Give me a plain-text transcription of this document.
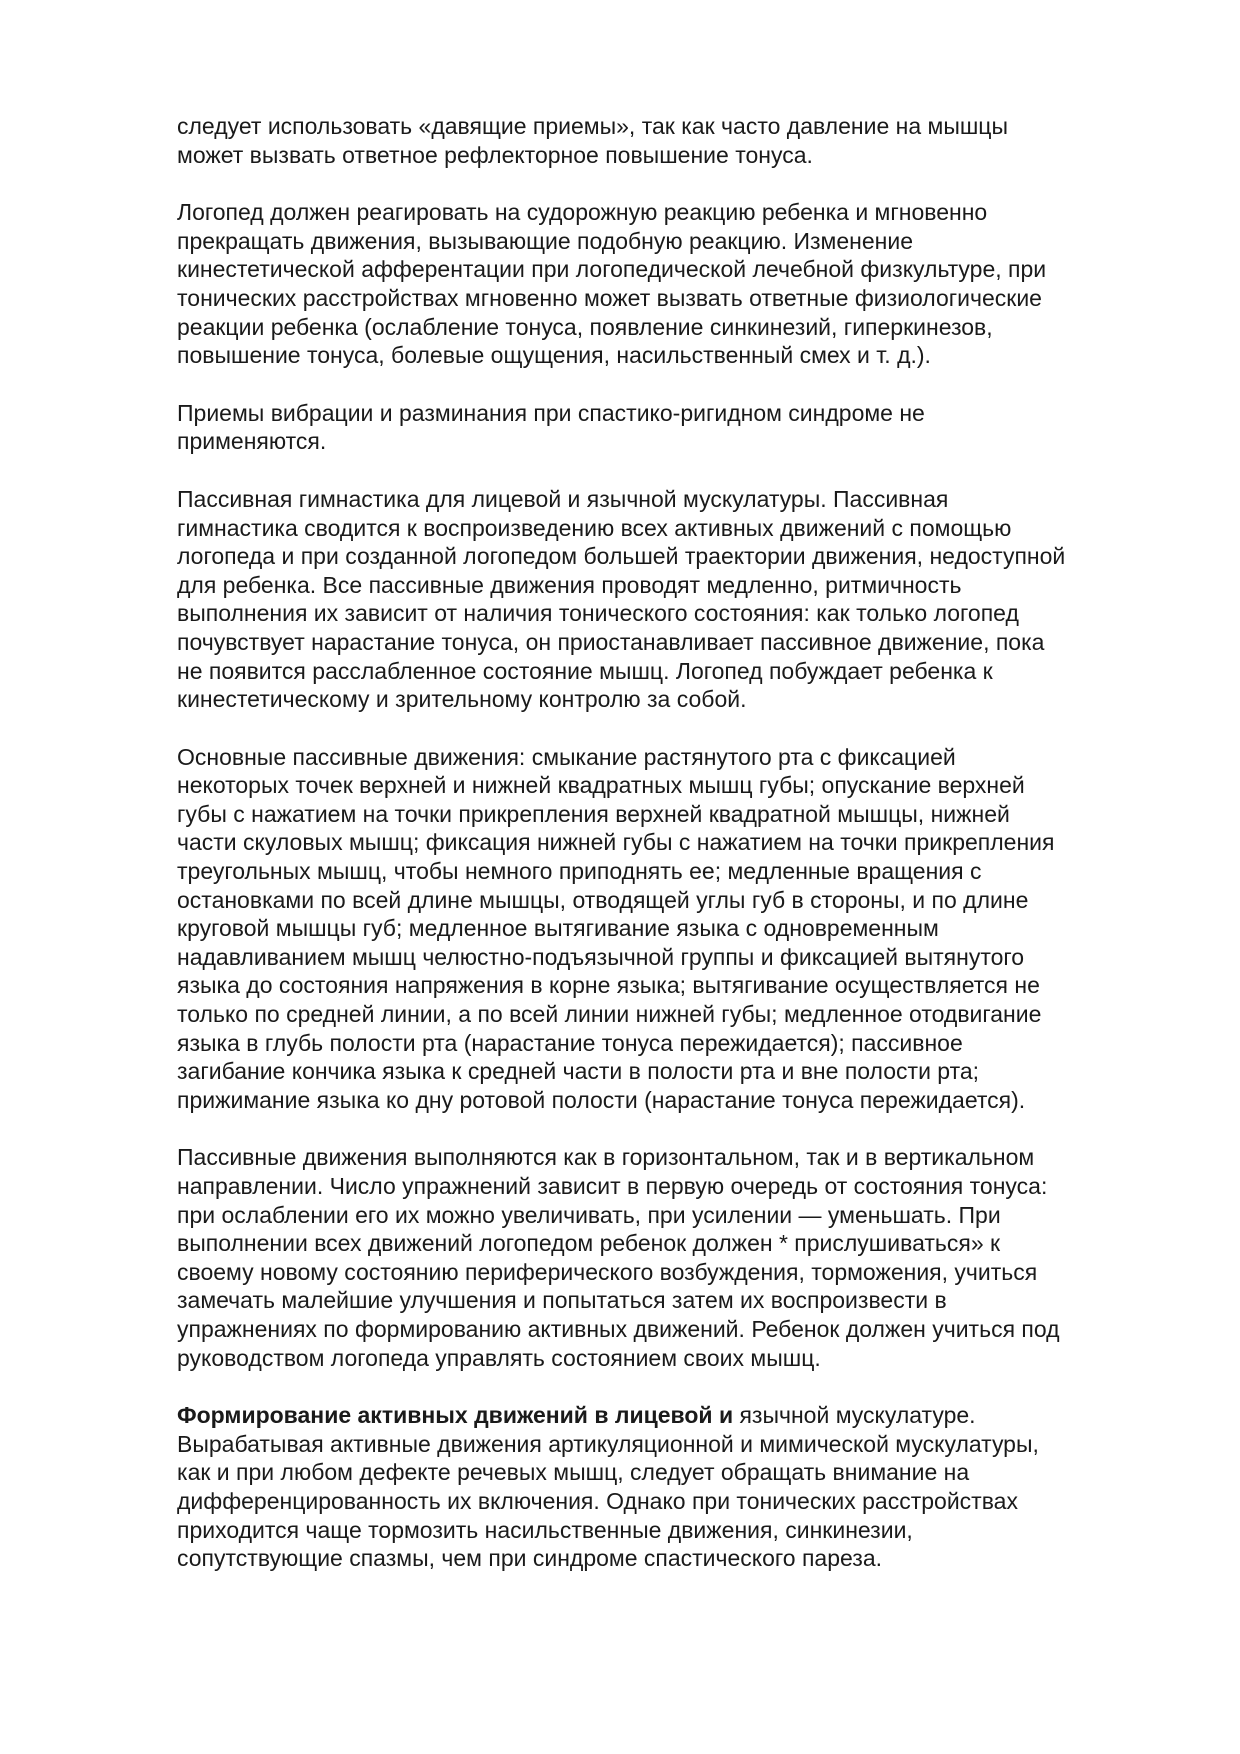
следует использовать «давящие приемы», так как часто давление на мышцы
может вызвать ответное рефлекторное повышение тонуса.

Логопед должен реагировать на судорожную реакцию ребенка и мгновенно
прекращать движения, вызывающие подобную реакцию. Изменение
кинестетической афферентации при логопедической лечебной физкультуре, при
тонических расстройствах мгновенно может вызвать ответные физиологические
реакции ребенка (ослабление тонуса, появление синкинезий, гиперкинезов,
повышение тонуса, болевые ощущения, насильственный смех и т. д.).

Приемы вибрации и разминания при спастико-ригидном синдроме не
применяются.

Пассивная гимнастика для лицевой и язычной мускулатуры. Пассивная
гимнастика сводится к воспроизведению всех активных движений с помощью
логопеда и при созданной логопедом большей траектории движения, недоступной
для ребенка. Все пассивные движения проводят медленно, ритмичность
выполнения их зависит от наличия тонического состояния: как только логопед
почувствует нарастание тонуса, он приостанавливает пассивное движение, пока
не появится расслабленное состояние мышц. Логопед побуждает ребенка к
кинестетическому и зрительному контролю за собой.

Основные пассивные движения: смыкание растянутого рта с фиксацией
некоторых точек верхней и нижней квадратных мышц губы; опускание верхней
губы с нажатием на точки прикрепления верхней квадратной мышцы, нижней
части скуловых мышц; фиксация нижней губы с нажатием на точки прикрепления
треугольных мышц, чтобы немного приподнять ее; медленные вращения с
остановками по всей длине мышцы, отводящей углы губ в стороны, и по длине
круговой мышцы губ; медленное вытягивание языка с одновременным
надавливанием мышц челюстно-подъязычной группы и фиксацией вытянутого
языка до состояния напряжения в корне языка; вытягивание осуществляется не
только по средней линии, а по всей линии нижней губы; медленное отодвигание
языка в глубь полости рта (нарастание тонуса пережидается); пассивное
загибание кончика языка к средней части в полости рта и вне полости рта;
прижимание языка ко дну ротовой полости (нарастание тонуса пережидается).

Пассивные движения выполняются как в горизонтальном, так и в вертикальном
направлении. Число упражнений зависит в первую очередь от состояния тонуса:
при ослаблении его их можно увеличивать, при усилении — уменьшать. При
выполнении всех движений логопедом ребенок должен * прислушиваться» к
своему новому состоянию периферического возбуждения, торможения, учиться
замечать малейшие улучшения и попытаться затем их воспроизвести в
упражнениях по формированию активных движений. Ребенок должен учиться под
руководством логопеда управлять состоянием своих мышц.

Формирование активных движений в лицевой и язычной мускулатуре.
Вырабатывая активные движения артикуляционной и мимической мускулатуры,
как и при любом дефекте речевых мышц, следует обращать внимание на
дифференцированность их включения. Однако при тонических расстройствах
приходится чаще тормозить насильственные движения, синкинезии,
сопутствующие спазмы, чем при синдроме спастического пареза.
